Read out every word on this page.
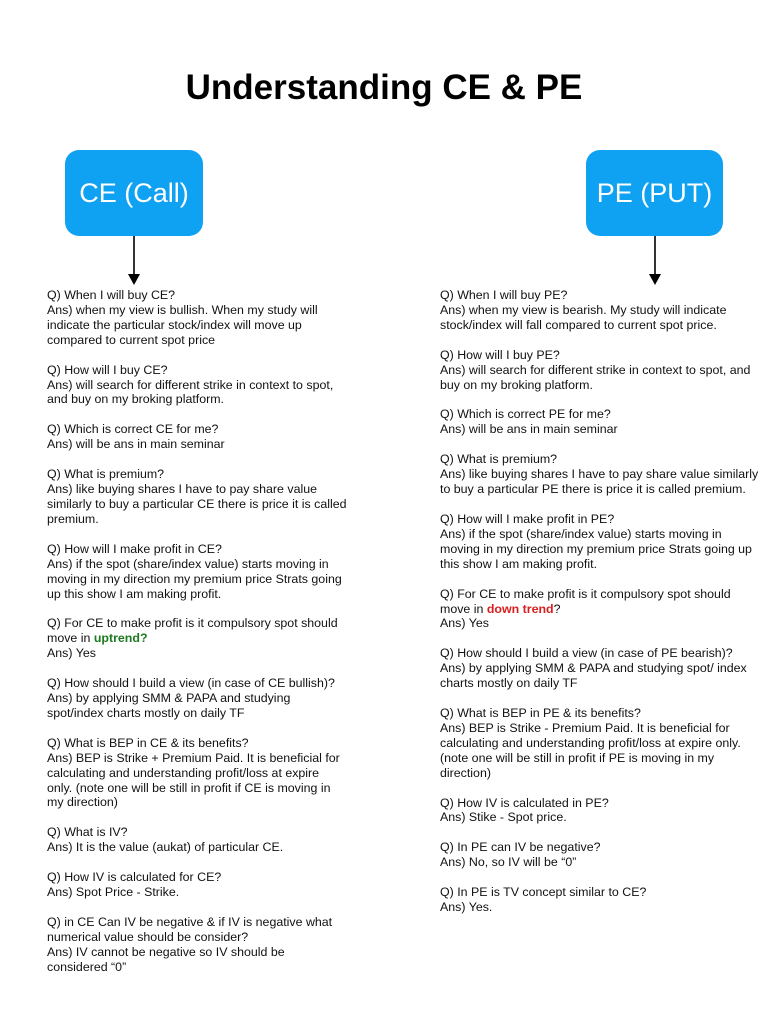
Understanding CE & PE
CE (Call)	PE (PUT)

Q) When I will buy CE?

Ans) when my view is bullish. When my study will indicate the particular stock/index will move up compared to current spot price

Q) How will I buy CE?

Ans) will search for different strike in context to spot, and buy on my broking platform.

Q) Which is correct CE for me?

Ans) will be ans in main seminar

Q) What is premium?

Ans) like buying shares I have to pay share value similarly to buy a particular CE there is price it is called premium.

Q) How will I make profit in CE?

Ans) if the spot (share/index value) starts moving in moving in my direction my premium price Strats going up this show I am making profit.

Q) For CE to make profit is it compulsory spot should move in uptrend?

Ans) Yes

Q) How should I build a view (in case of CE bullish)?

Ans) by applying SMM & PAPA and studying spot/index charts mostly on daily TF

Q) What is BEP in CE & its benefits?

Ans) BEP is Strike + Premium Paid. It is beneficial for calculating and understanding profit/loss at expire only. (note one will be still in profit if CE is moving in my direction)

Q) What is IV?

Ans) It is the value (aukat) of particular CE.

Q) How IV is calculated for CE?

Ans) Spot Price - Strike.

Q) in CE Can IV be negative & if IV is negative what numerical value should be consider?

Ans) IV cannot be negative so IV should be considered “0”

Q) When I will buy PE?

Ans) when my view is bearish. My study will indicate stock/index will fall compared to current spot price.

Q) How will I buy PE?

Ans) will search for different strike in context to spot, and buy on my broking platform.

Q) Which is correct PE for me?

Ans) will be ans in main seminar

Q) What is premium?

Ans) like buying shares I have to pay share value similarly to buy a particular PE there is price it is called premium.

Q) How will I make profit in PE?

Ans) if the spot (share/index value) starts moving in moving in my direction my premium price Strats going up this show I am making profit.

Q) For CE to make profit is it compulsory spot should move in down trend?

Ans) Yes

Q) How should I build a view (in case of PE bearish)?

Ans) by applying SMM & PAPA and studying spot/ index charts mostly on daily TF

Q) What is BEP in PE & its benefits?

Ans) BEP is Strike - Premium Paid. It is beneficial for calculating and understanding profit/loss at expire only. (note one will be still in profit if PE is moving in my direction)

Q) How IV is calculated in PE?

Ans) Stike - Spot price.

Q) In PE can IV be negative?

Ans) No, so IV will be “0”

Q) In PE is TV concept similar to CE?

Ans) Yes.
